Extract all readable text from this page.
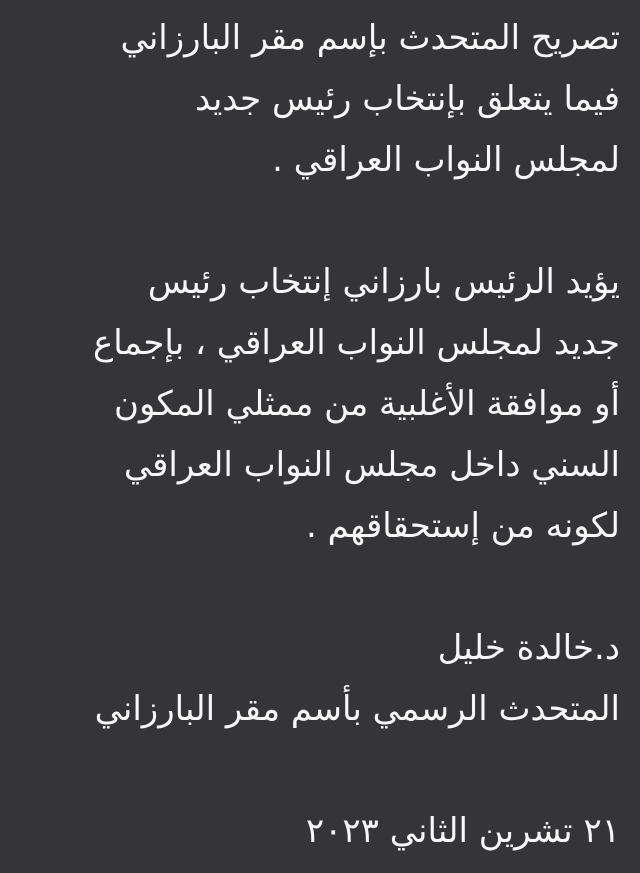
تصريح المتحدث بإسم مقر البارزاني
فيما يتعلق بإنتخاب رئيس جديد
لمجلس النواب العراقي .
يؤيد الرئيس بارزاني إنتخاب رئيس
جديد لمجلس النواب العراقي ، بإجماع
أو موافقة الأغلبية من ممثلي المكون
السني داخل مجلس النواب العراقي
لكونه من إستحقاقهم .
د.خالدة خليل
المتحدث الرسمي بأسم مقر البارزاني
٢١ تشرين الثاني ٢٠٢٣
